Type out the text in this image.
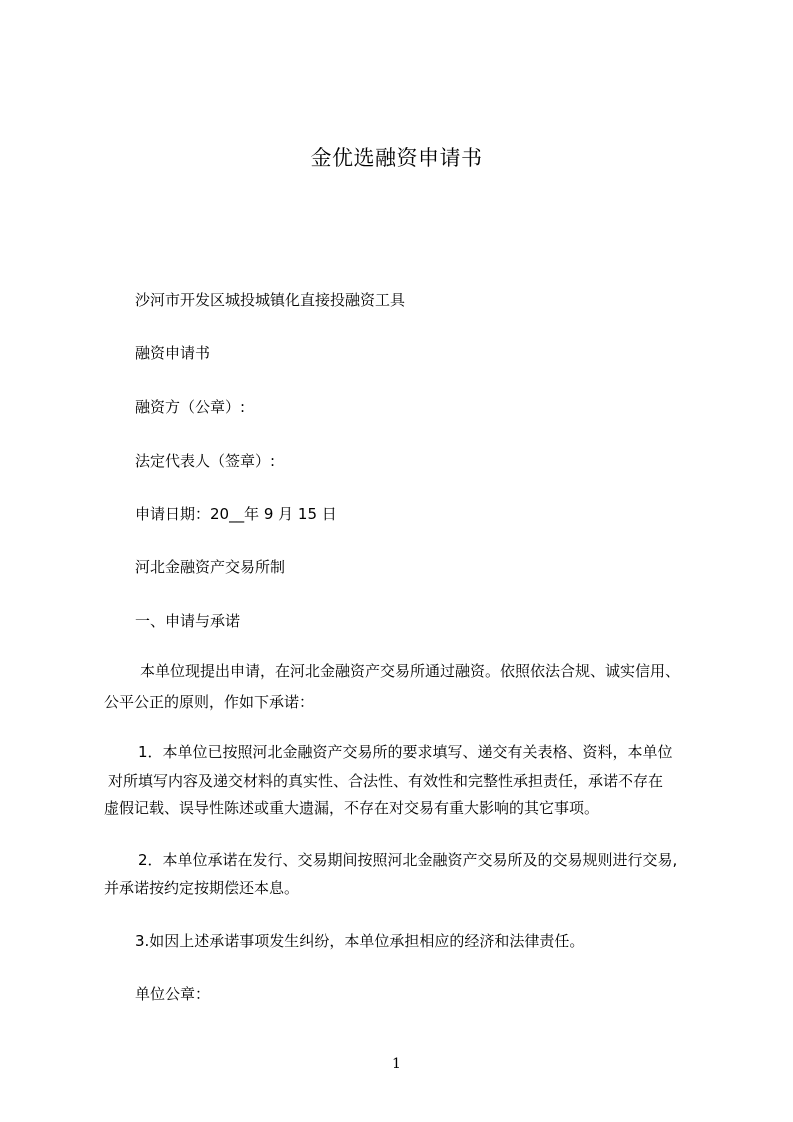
金优选融资申请书
沙河市开发区城投城镇化直接投融资工具
融资申请书
融资方（公章）:
法定代表人（签章）:
申请日期：20__年 9 月 15 日
河北金融资产交易所制
一、申请与承诺
本单位现提出申请，在河北金融资产交易所通过融资。依照依法合规、诚实信用、
公平公正的原则，作如下承诺：
1．本单位已按照河北金融资产交易所的要求填写、递交有关表格、资料，本单位
对所填写内容及递交材料的真实性、合法性、有效性和完整性承担责任，承诺不存在
虚假记载、误导性陈述或重大遗漏，不存在对交易有重大影响的其它事项。
2．本单位承诺在发行、交易期间按照河北金融资产交易所及的交易规则进行交易,
并承诺按约定按期偿还本息。
3.如因上述承诺事项发生纠纷，本单位承担相应的经济和法律责任。
单位公章：
1
